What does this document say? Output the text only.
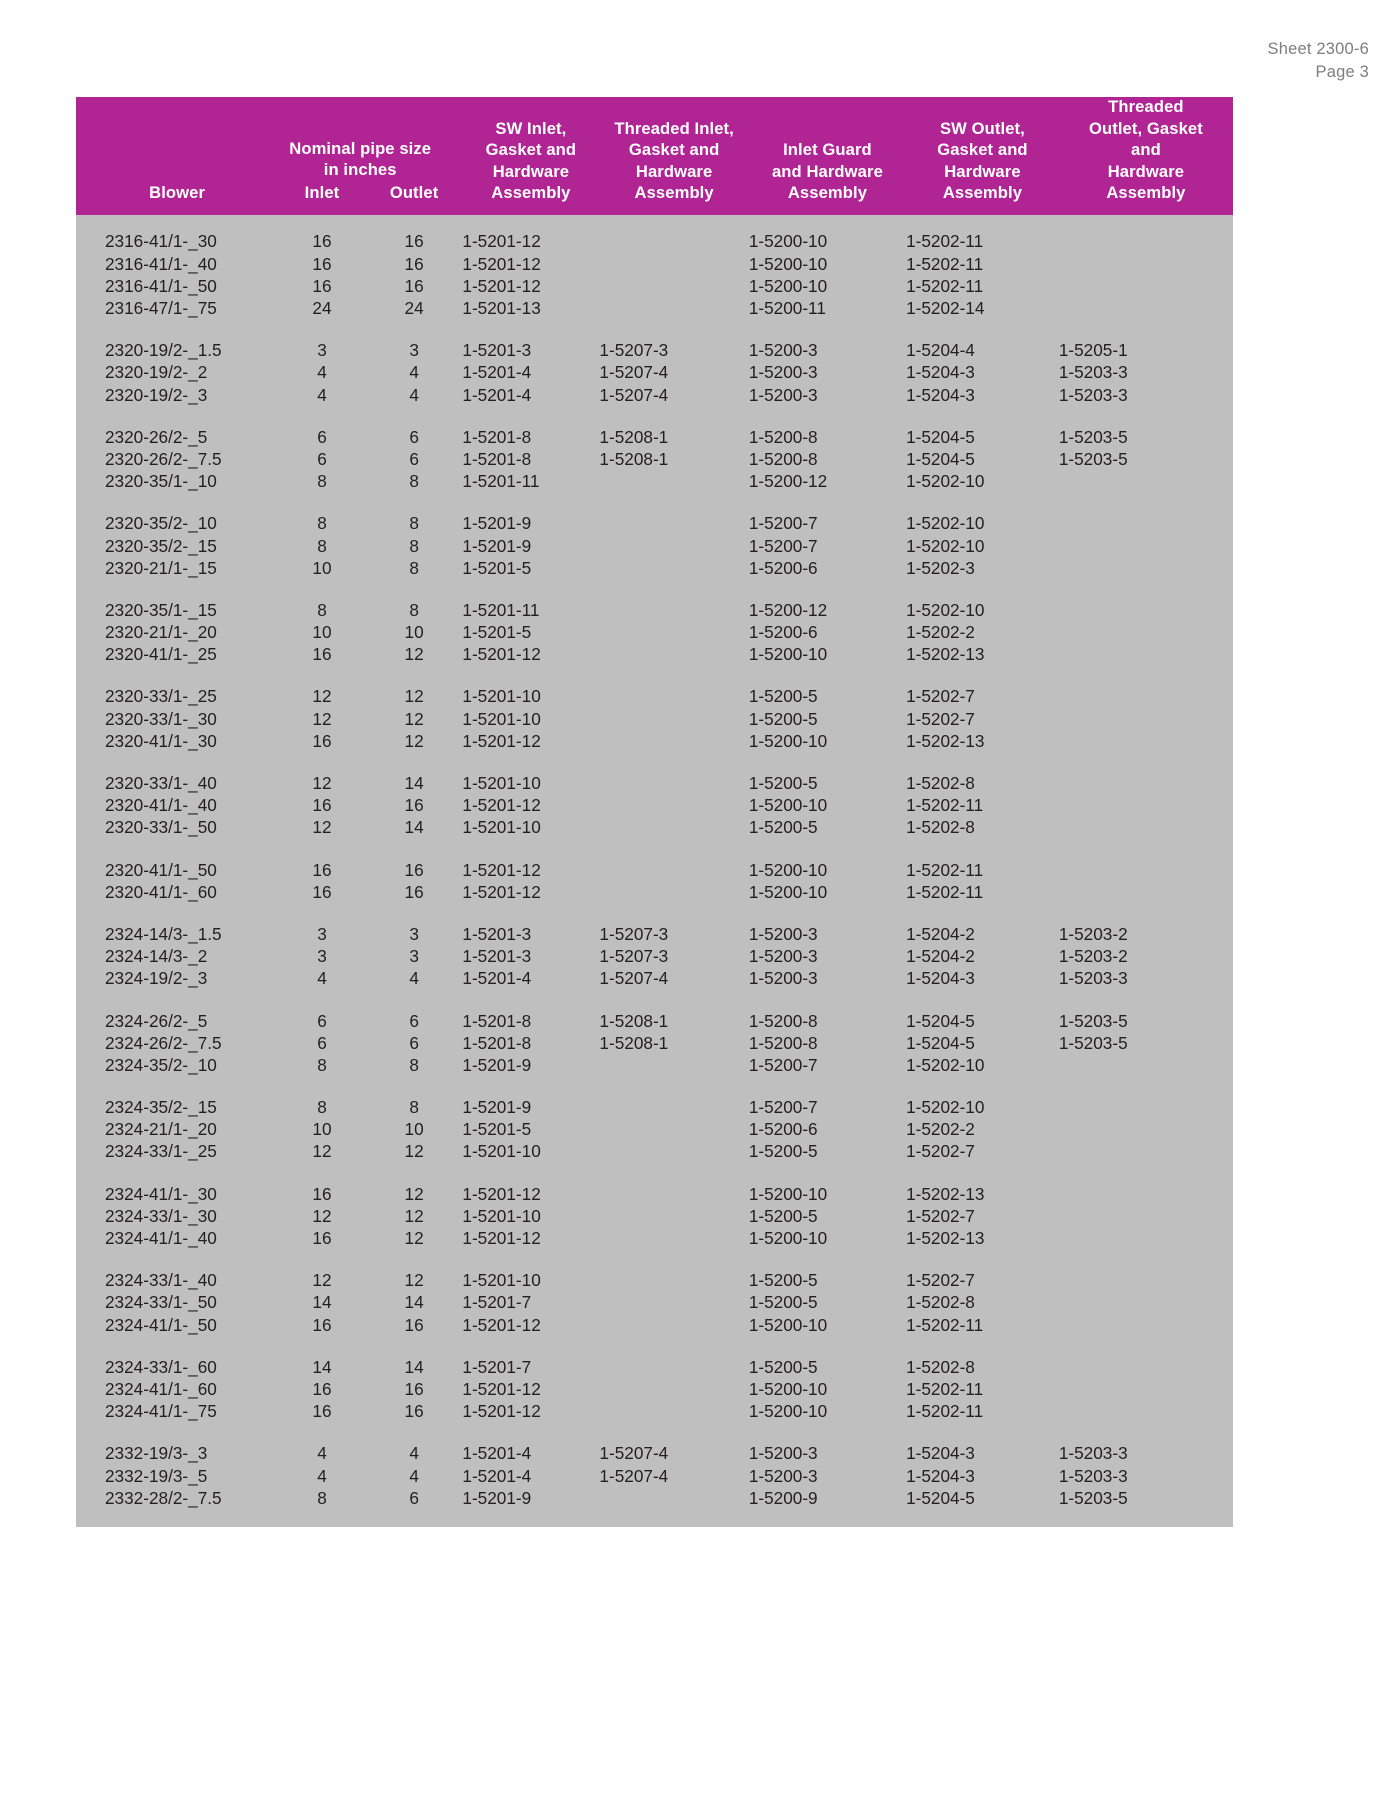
Sheet 2300-6
Page 3
Blower

Nominal pipe size
in inches
Inlet	Outlet

SW Inlet,
Gasket and
Hardware
Assembly

Threaded Inlet,
Gasket and
Hardware
Assembly

Inlet Guard
and Hardware
Assembly

SW Outlet,
Gasket and
Hardware
Assembly

Threaded
Outlet, Gasket
and
Hardware
Assembly

2316-41/1-_30	16	16	1-5201-12		1-5200-10	1-5202-11	
2316-41/1-_40	16	16	1-5201-12		1-5200-10	1-5202-11	
2316-41/1-_50	16	16	1-5201-12		1-5200-10	1-5202-11	
2316-47/1-_75	24	24	1-5201-13		1-5200-11	1-5202-14	

2320-19/2-_1.5	3	3	1-5201-3	1-5207-3	1-5200-3	1-5204-4	1-5205-1
2320-19/2-_2	4	4	1-5201-4	1-5207-4	1-5200-3	1-5204-3	1-5203-3
2320-19/2-_3	4	4	1-5201-4	1-5207-4	1-5200-3	1-5204-3	1-5203-3

2320-26/2-_5	6	6	1-5201-8	1-5208-1	1-5200-8	1-5204-5	1-5203-5
2320-26/2-_7.5	6	6	1-5201-8	1-5208-1	1-5200-8	1-5204-5	1-5203-5
2320-35/1-_10	8	8	1-5201-11		1-5200-12	1-5202-10	

2320-35/2-_10	8	8	1-5201-9		1-5200-7	1-5202-10	
2320-35/2-_15	8	8	1-5201-9		1-5200-7	1-5202-10	
2320-21/1-_15	10	8	1-5201-5		1-5200-6	1-5202-3	

2320-35/1-_15	8	8	1-5201-11		1-5200-12	1-5202-10	
2320-21/1-_20	10	10	1-5201-5		1-5200-6	1-5202-2	
2320-41/1-_25	16	12	1-5201-12		1-5200-10	1-5202-13	

2320-33/1-_25	12	12	1-5201-10		1-5200-5	1-5202-7	
2320-33/1-_30	12	12	1-5201-10		1-5200-5	1-5202-7	
2320-41/1-_30	16	12	1-5201-12		1-5200-10	1-5202-13	

2320-33/1-_40	12	14	1-5201-10		1-5200-5	1-5202-8	
2320-41/1-_40	16	16	1-5201-12		1-5200-10	1-5202-11	
2320-33/1-_50	12	14	1-5201-10		1-5200-5	1-5202-8	

2320-41/1-_50	16	16	1-5201-12		1-5200-10	1-5202-11	
2320-41/1-_60	16	16	1-5201-12		1-5200-10	1-5202-11	

2324-14/3-_1.5	3	3	1-5201-3	1-5207-3	1-5200-3	1-5204-2	1-5203-2
2324-14/3-_2	3	3	1-5201-3	1-5207-3	1-5200-3	1-5204-2	1-5203-2
2324-19/2-_3	4	4	1-5201-4	1-5207-4	1-5200-3	1-5204-3	1-5203-3

2324-26/2-_5	6	6	1-5201-8	1-5208-1	1-5200-8	1-5204-5	1-5203-5
2324-26/2-_7.5	6	6	1-5201-8	1-5208-1	1-5200-8	1-5204-5	1-5203-5
2324-35/2-_10	8	8	1-5201-9		1-5200-7	1-5202-10	

2324-35/2-_15	8	8	1-5201-9		1-5200-7	1-5202-10	
2324-21/1-_20	10	10	1-5201-5		1-5200-6	1-5202-2	
2324-33/1-_25	12	12	1-5201-10		1-5200-5	1-5202-7	

2324-41/1-_30	16	12	1-5201-12		1-5200-10	1-5202-13	
2324-33/1-_30	12	12	1-5201-10		1-5200-5	1-5202-7	
2324-41/1-_40	16	12	1-5201-12		1-5200-10	1-5202-13	

2324-33/1-_40	12	12	1-5201-10		1-5200-5	1-5202-7	
2324-33/1-_50	14	14	1-5201-7		1-5200-5	1-5202-8	
2324-41/1-_50	16	16	1-5201-12		1-5200-10	1-5202-11	

2324-33/1-_60	14	14	1-5201-7		1-5200-5	1-5202-8	
2324-41/1-_60	16	16	1-5201-12		1-5200-10	1-5202-11	
2324-41/1-_75	16	16	1-5201-12		1-5200-10	1-5202-11	

2332-19/3-_3	4	4	1-5201-4	1-5207-4	1-5200-3	1-5204-3	1-5203-3
2332-19/3-_5	4	4	1-5201-4	1-5207-4	1-5200-3	1-5204-3	1-5203-3
2332-28/2-_7.5	8	6	1-5201-9		1-5200-9	1-5204-5	1-5203-5
